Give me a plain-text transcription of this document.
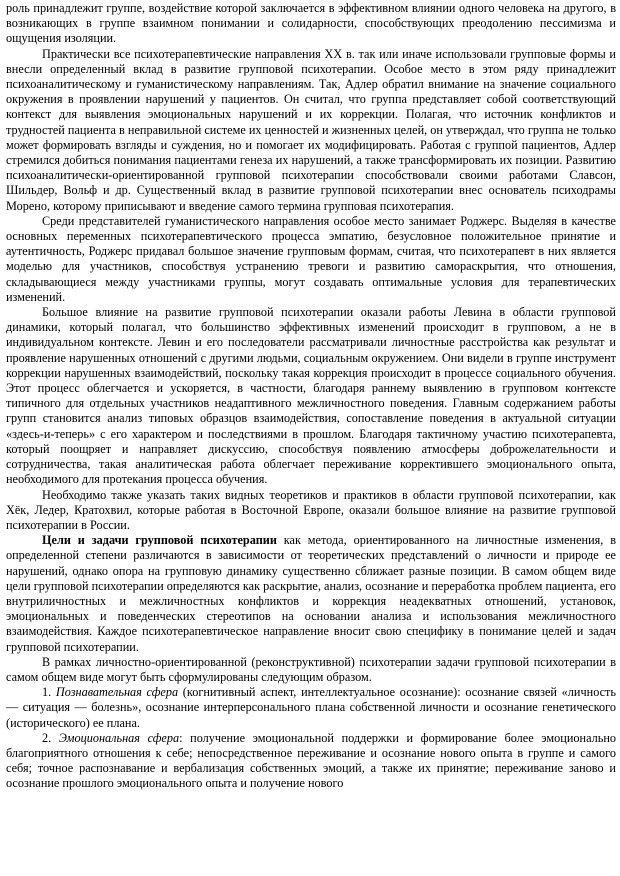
роль принадлежит группе, воздействие которой заключается в эффективном влиянии одного человека на другого, в возникающих в группе взаимном понимании и солидарности, способствующих преодолению пессимизма и ощущения изоляции.

Практически все психотерапевтические направления XX в. так или иначе использовали групповые формы и внесли определенный вклад в развитие групповой психотерапии. Особое место в этом ряду принадлежит психоаналитическому и гуманистическому направлениям. Так, Адлер обратил внимание на значение социального окружения в проявлении нарушений у пациентов. Он считал, что группа представляет собой соответствующий контекст для выявления эмоциональных нарушений и их коррекции. Полагая, что источник конфликтов и трудностей пациента в неправильной системе их ценностей и жизненных целей, он утверждал, что группа не только может формировать взгляды и суждения, но и помогает их модифицировать. Работая с группой пациентов, Адлер стремился добиться понимания пациентами генеза их нарушений, а также трансформировать их позиции. Развитию психоаналитически-ориентированной групповой психотерапии способствовали своими работами Славсон, Шильдер, Вольф и др. Существенный вклад в развитие групповой психотерапии внес основатель психодрамы Морено, которому приписывают и введение самого термина групповая психотерапия.

Среди представителей гуманистического направления особое место занимает Роджерс. Выделяя в качестве основных переменных психотерапевтического процесса эмпатию, безусловное положительное принятие и аутентичность, Роджерс придавал большое значение групповым формам, считая, что психотерапевт в них является моделью для участников, способствуя устранению тревоги и развитию самораскрытия, что отношения, складывающиеся между участниками группы, могут создавать оптимальные условия для терапевтических изменений.

Большое влияние на развитие групповой психотерапии оказали работы Левина в области групповой динамики, который полагал, что большинство эффективных изменений происходит в групповом, а не в индивидуальном контексте. Левин и его последователи рассматривали личностные расстройства как результат и проявление нарушенных отношений с другими людьми, социальным окружением. Они видели в группе инструмент коррекции нарушенных взаимодействий, поскольку такая коррекция происходит в процессе социального обучения. Этот процесс облегчается и ускоряется, в частности, благодаря раннему выявлению в групповом контексте типичного для отдельных участников неадаптивного межличностного поведения. Главным содержанием работы групп становится анализ типовых образцов взаимодействия, сопоставление поведения в актуальной ситуации «здесь-и-теперь» с его характером и последствиями в прошлом. Благодаря тактичному участию психотерапевта, который поощряет и направляет дискуссию, способствуя появлению атмосферы доброжелательности и сотрудничества, такая аналитическая работа облегчает переживание корректившего эмоционального опыта, необходимого для протекания процесса обучения.

Необходимо также указать таких видных теоретиков и практиков в области групповой психотерапии, как Хёк, Ледер, Кратохвил, которые работая в Восточной Европе, оказали большое влияние на развитие групповой психотерапии в России.

Цели и задачи групповой психотерапии как метода, ориентированного на личностные изменения, в определенной степени различаются в зависимости от теоретических представлений о личности и природе ее нарушений, однако опора на групповую динамику существенно сближает разные позиции. В самом общем виде цели групповой психотерапии определяются как раскрытие, анализ, осознание и переработка проблем пациента, его внутриличностных и межличностных конфликтов и коррекция неадекватных отношений, установок, эмоциональных и поведенческих стереотипов на основании анализа и использования межличностного взаимодействия. Каждое психотерапевтическое направление вносит свою специфику в понимание целей и задач групповой психотерапии.

В рамках личностно-ориентированной (реконструктивной) психотерапии задачи групповой психотерапии в самом общем виде могут быть сформулированы следующим образом.

1. Познавательная сфера (когнитивный аспект, интеллектуальное осознание): осознание связей «личность — ситуация — болезнь», осознание интерперсонального плана собственной личности и осознание генетического (исторического) ее плана.

2. Эмоциональная сфера: получение эмоциональной поддержки и формирование более эмоционально благоприятного отношения к себе; непосредственное переживание и осознание нового опыта в группе и самого себя; точное распознавание и вербализация собственных эмоций, а также их принятие; переживание заново и осознание прошлого эмоционального опыта и получение нового
